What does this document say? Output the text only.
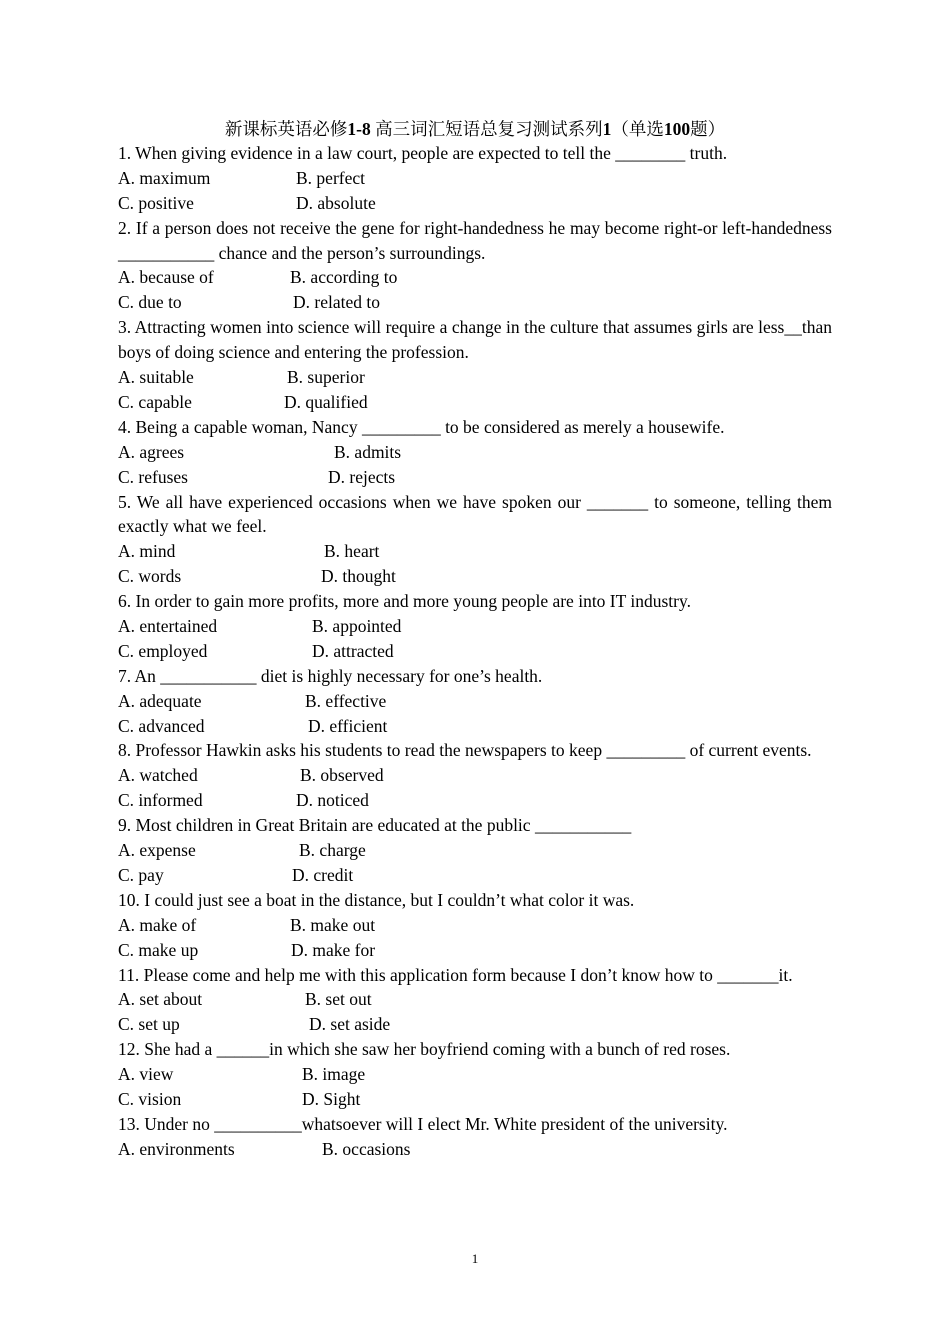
新课标英语必修1-8 高三词汇短语总复习测试系列1（单选100题）
1. When giving evidence in a law court, people are expected to tell the ________ truth.
A. maximum	B. perfect
C. positive	D. absolute
2. If a person does not receive the gene for right-handedness he may become right-or left-handedness ___________ chance and the person’s surroundings.
A. because of	B. according to
C. due to	D. related to
3. Attracting women into science will require a change in the culture that assumes girls are less__than boys of doing science and entering the profession.
A. suitable	B. superior
C. capable	D. qualified
4. Being a capable woman, Nancy _________ to be considered as merely a housewife.
A. agrees	B. admits
C. refuses	D. rejects
5. We all have experienced occasions when we have spoken our _______ to someone, telling them exactly what we feel.
A. mind	B. heart
C. words	D. thought
6. In order to gain more profits, more and more young people are into IT industry.
A. entertained	B. appointed
C. employed	D. attracted
7. An ___________ diet is highly necessary for one’s health.
A. adequate	B. effective
C. advanced	D. efficient
8. Professor Hawkin asks his students to read the newspapers to keep _________ of current events.
A. watched	B. observed
C. informed	D. noticed
9. Most children in Great Britain are educated at the public ___________
A. expense	B. charge
C. pay	D. credit
10. I could just see a boat in the distance, but I couldn’t what color it was.
A. make of	B. make out
C. make up	D. make for
11. Please come and help me with this application form because I don’t know how to _______it.
A. set about	B. set out
C. set up	D. set aside
12. She had a ______in which she saw her boyfriend coming with a bunch of red roses.
A. view	B. image
C. vision	D. Sight
13. Under no __________whatsoever will I elect Mr. White president of the university.
A. environments	B. occasions
1
